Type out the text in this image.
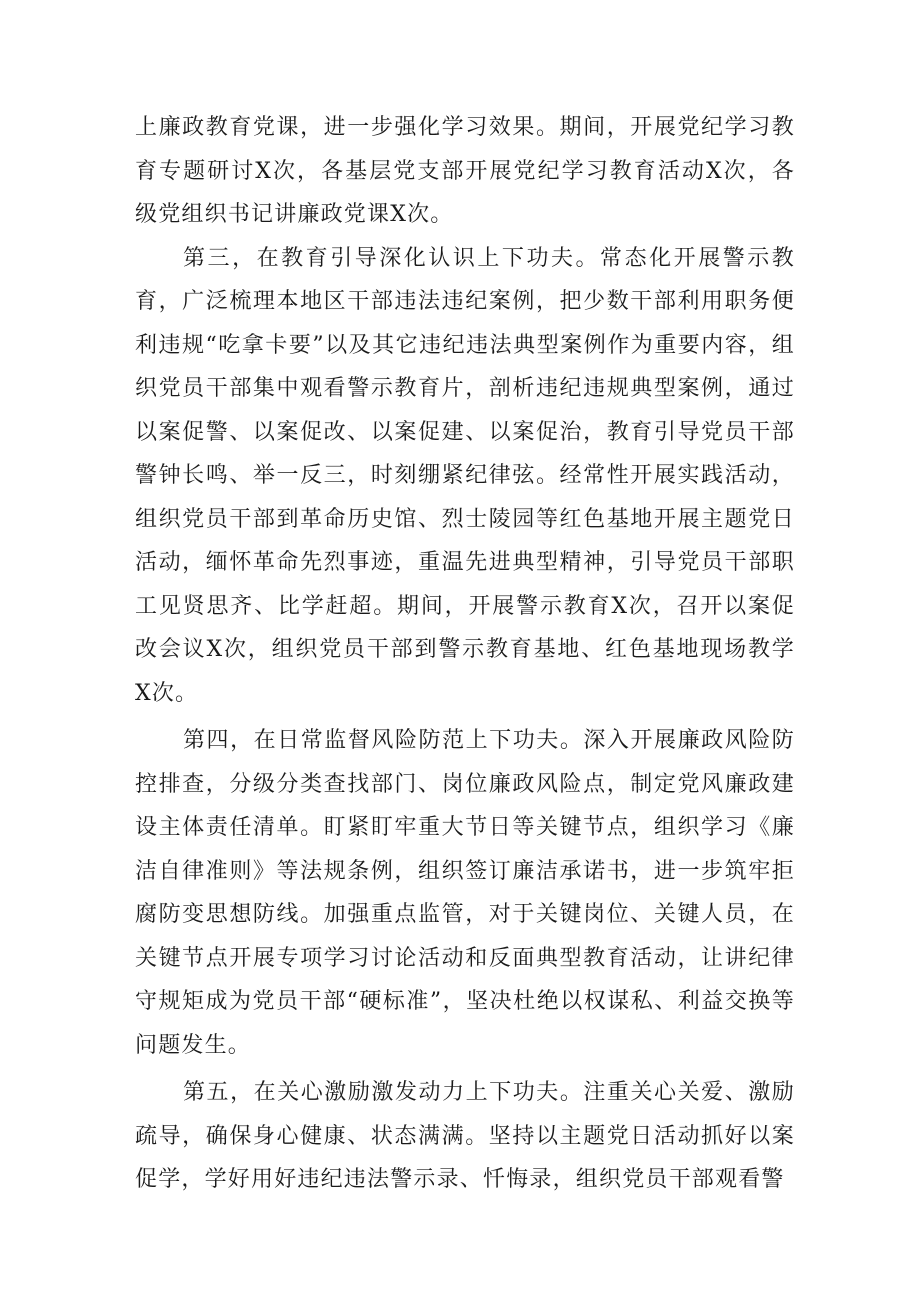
上廉政教育党课，进一步强化学习效果。期间，开展党纪学习教育专题研讨X次，各基层党支部开展党纪学习教育活动X次，各级党组织书记讲廉政党课X次。

第三，在教育引导深化认识上下功夫。常态化开展警示教育，广泛梳理本地区干部违法违纪案例，把少数干部利用职务便利违规“吃拿卡要”以及其它违纪违法典型案例作为重要内容，组织党员干部集中观看警示教育片，剖析违纪违规典型案例，通过以案促警、以案促改、以案促建、以案促治，教育引导党员干部警钟长鸣、举一反三，时刻绷紧纪律弦。经常性开展实践活动，组织党员干部到革命历史馆、烈士陵园等红色基地开展主题党日活动，缅怀革命先烈事迹，重温先进典型精神，引导党员干部职工见贤思齐、比学赶超。期间，开展警示教育X次，召开以案促改会议X次，组织党员干部到警示教育基地、红色基地现场教学X次。

第四，在日常监督风险防范上下功夫。深入开展廉政风险防控排查，分级分类查找部门、岗位廉政风险点，制定党风廉政建设主体责任清单。盯紧盯牢重大节日等关键节点，组织学习《廉洁自律准则》等法规条例，组织签订廉洁承诺书，进一步筑牢拒腐防变思想防线。加强重点监管，对于关键岗位、关键人员，在关键节点开展专项学习讨论活动和反面典型教育活动，让讲纪律守规矩成为党员干部“硬标准”，坚决杜绝以权谋私、利益交换等问题发生。

第五，在关心激励激发动力上下功夫。注重关心关爱、激励疏导，确保身心健康、状态满满。坚持以主题党日活动抓好以案促学，学好用好违纪违法警示录、忏悔录，组织党员干部观看警
